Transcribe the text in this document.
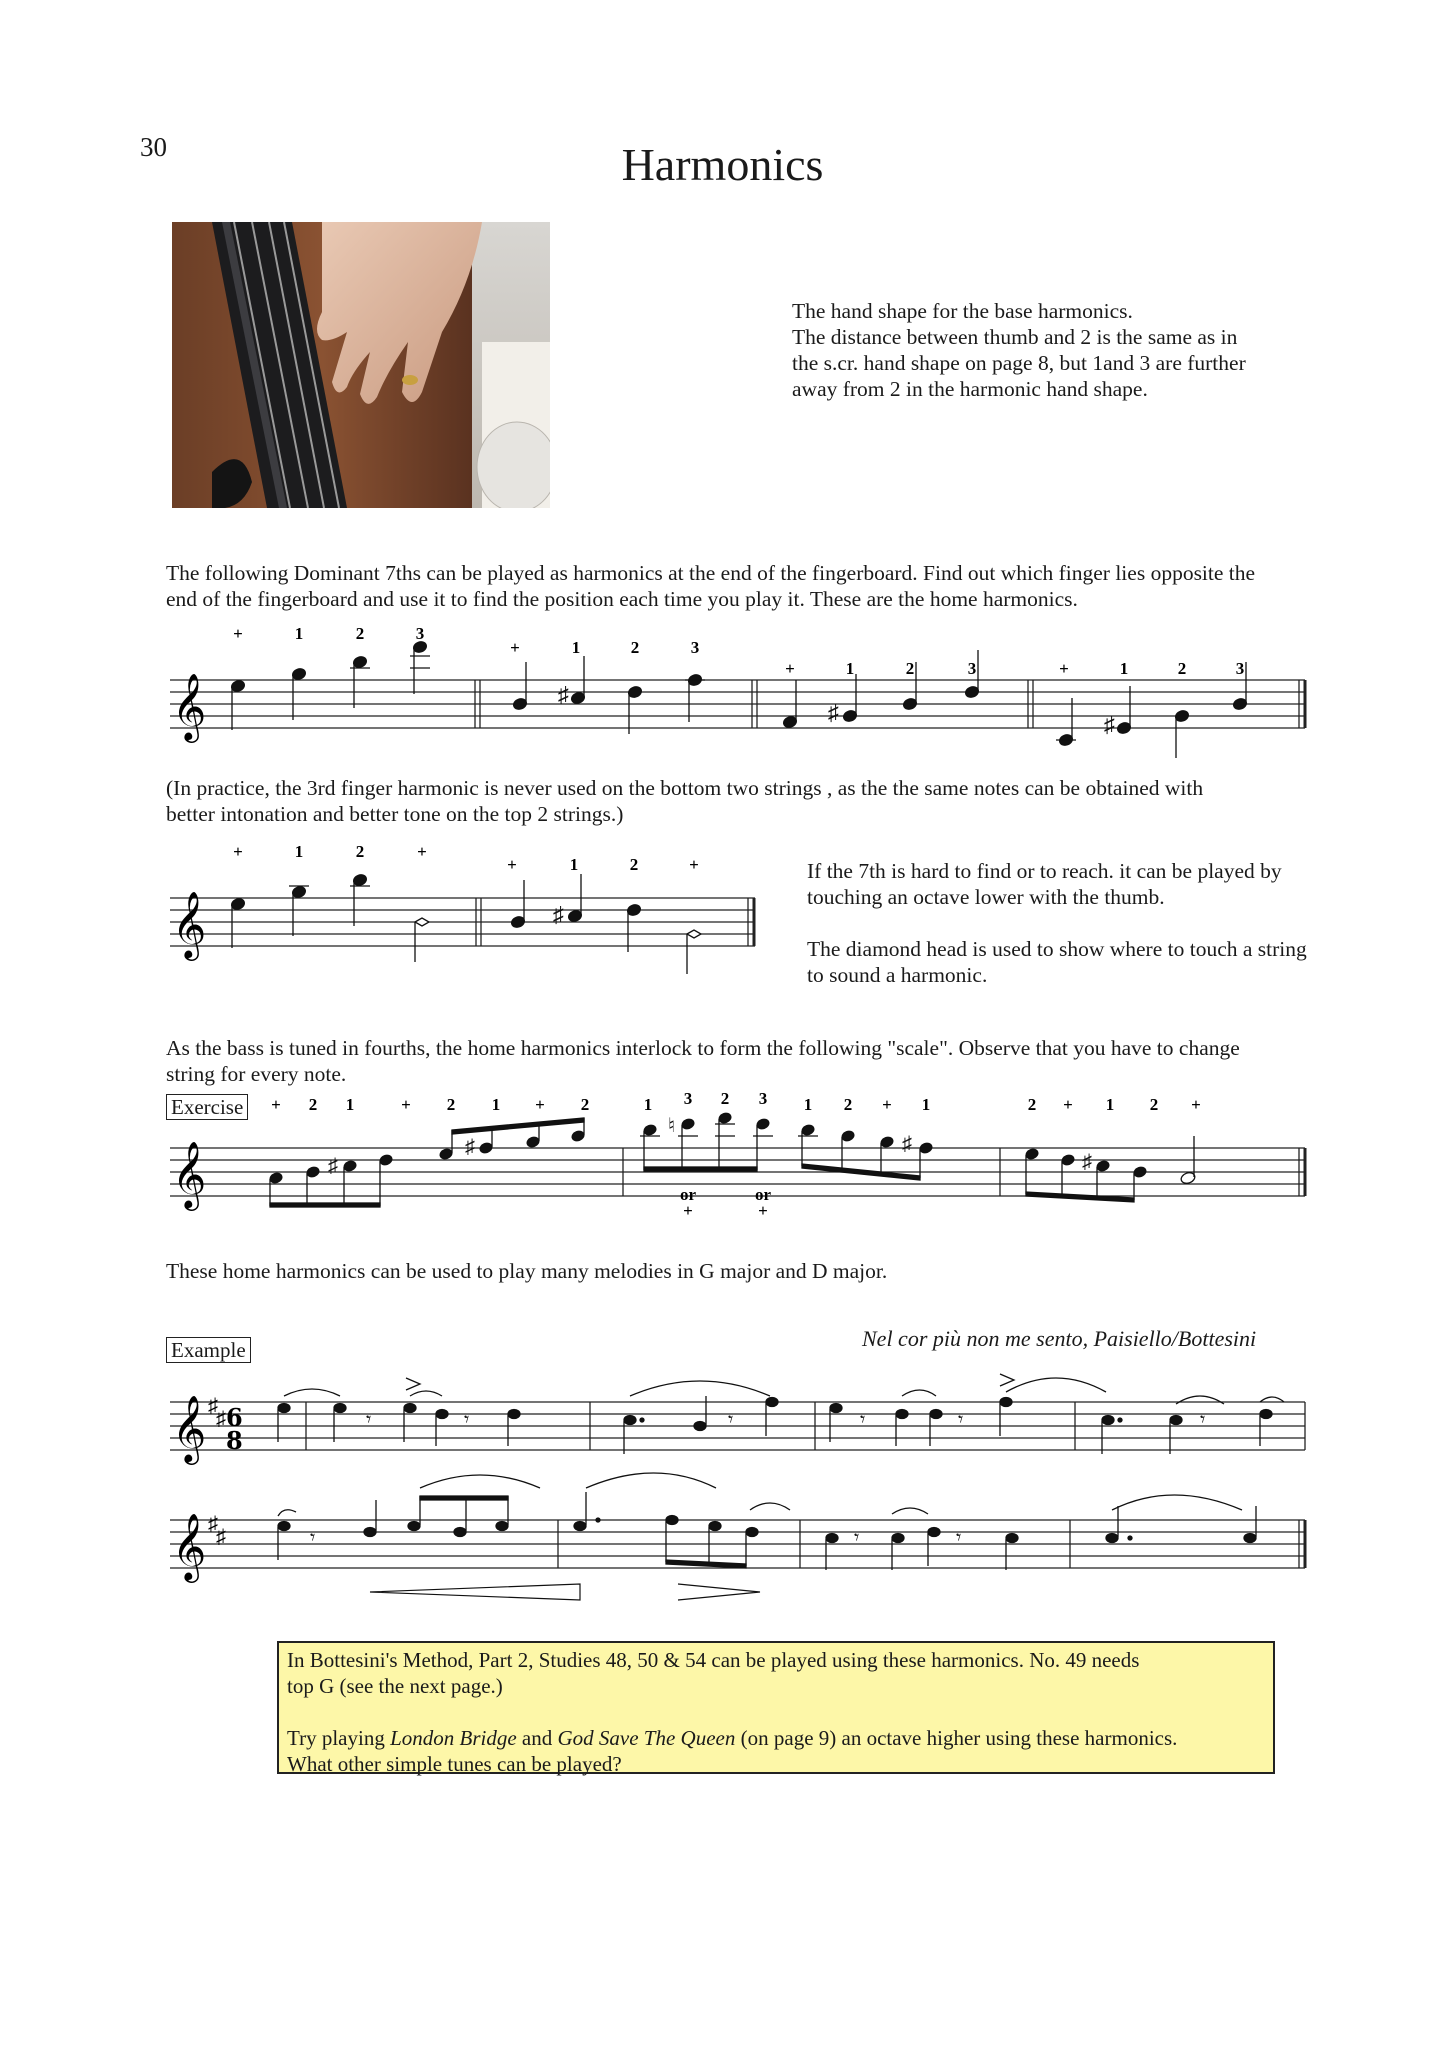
30	Harmonics
The hand shape for the base harmonics.
The distance between thumb and 2 is the same as in the s.cr. hand shape on page 8, but 1and 3 are further away from 2 in the harmonic hand shape.
The following Dominant 7ths can be played as harmonics at the end of the fingerboard. Find out which finger lies opposite the
end of the fingerboard and use it to find the position each time you play it. These are the home harmonics.
𝄞	♯
♯	♯
+	1	2	3
+	1	2	3
+	1	2	3	+	1	2	3
(In practice, the 3rd finger harmonic is never used on the bottom two strings , as the the same notes can be obtained with
better intonation and better tone on the top 2 strings.)
𝄞	♯
+	1	2	+
+	1	2	+	If the 7th is hard to find or to reach. it can be played by touching an octave lower with the thumb.
The diamond head is used to show where to touch a string to sound a harmonic.
As the bass is tuned in fourths, the home harmonics interlock to form the following "scale". Observe that you have to change
string for every note.
Exercise
𝄞	♯
♯
♮
♯
♯
+ 2 1	+ 2 1 + 2	1 3 2 3 1 2 + 1	2 + 1 2 +
or
+
or
+
These home harmonics can be used to play many melodies in G major and D major.
Example	Nel cor più non me sento, Paisiello/Bottesini
𝄞
𝄞
♯
♯
♯
♯
6
8
𝄾	𝄾	𝄾	𝄾	𝄾	𝄾
𝄾	𝄾	𝄾

In Bottesini's Method, Part 2, Studies 48, 50 & 54 can be played using these harmonics. No. 49 needs

top G (see the next page.)

Try playing London Bridge and God Save The Queen (on page 9) an octave higher using these harmonics.

What other simple tunes can be played?
